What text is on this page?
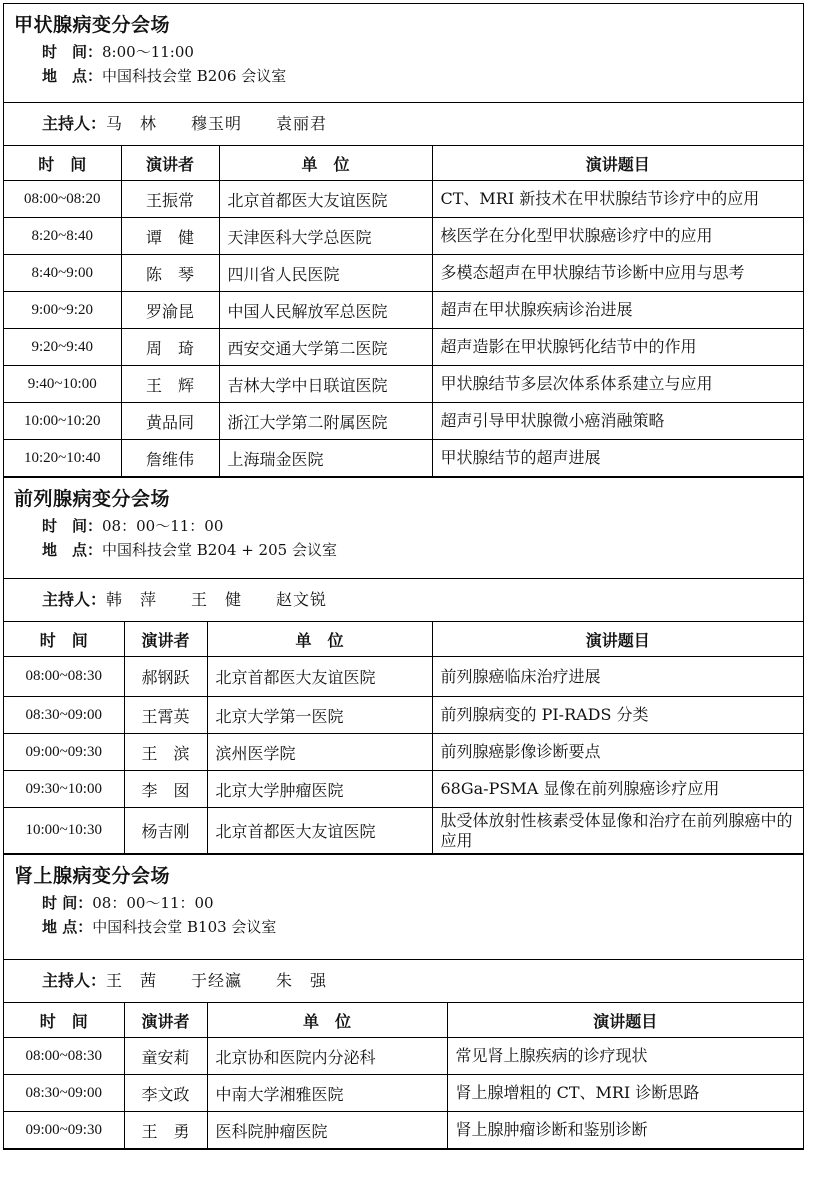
甲状腺病变分会场
时　间：8:00～11:00
地　点：中国科技会堂 B206 会议室
主持人：马　林　　穆玉明　　袁丽君
时　间	演讲者	单　位	演讲题目
08:00~08:20	王振常	北京首都医大友谊医院	CT、MRI 新技术在甲状腺结节诊疗中的应用
8:20~8:40	谭　健	天津医科大学总医院	核医学在分化型甲状腺癌诊疗中的应用
8:40~9:00	陈　琴	四川省人民医院	多模态超声在甲状腺结节诊断中应用与思考
9:00~9:20	罗渝昆	中国人民解放军总医院	超声在甲状腺疾病诊治进展
9:20~9:40	周　琦	西安交通大学第二医院	超声造影在甲状腺钙化结节中的作用
9:40~10:00	王　辉	吉林大学中日联谊医院	甲状腺结节多层次体系体系建立与应用
10:00~10:20	黄品同	浙江大学第二附属医院	超声引导甲状腺微小癌消融策略
10:20~10:40	詹维伟	上海瑞金医院	甲状腺结节的超声进展
前列腺病变分会场
时　间：08：00～11：00
地　点：中国科技会堂 B204 + 205 会议室
主持人：韩　萍　　王　健　　赵文锐
时　间	演讲者	单　位	演讲题目
08:00~08:30	郝钢跃	北京首都医大友谊医院	前列腺癌临床治疗进展
08:30~09:00	王霄英	北京大学第一医院	前列腺病变的 PI-RADS 分类
09:00~09:30	王　滨	滨州医学院	前列腺癌影像诊断要点
09:30~10:00	李　囡	北京大学肿瘤医院	68Ga-PSMA 显像在前列腺癌诊疗应用
10:00~10:30	杨吉刚	北京首都医大友谊医院	肽受体放射性核素受体显像和治疗在前列腺癌中的应用
肾上腺病变分会场
时 间：08：00～11：00
地 点：中国科技会堂 B103 会议室
主持人：王　茜　　于经瀛　　朱　强
时　间	演讲者	单　位	演讲题目
08:00~08:30	童安莉	北京协和医院内分泌科	常见肾上腺疾病的诊疗现状
08:30~09:00	李文政	中南大学湘雅医院	肾上腺增粗的 CT、MRI 诊断思路
09:00~09:30	王　勇	医科院肿瘤医院	肾上腺肿瘤诊断和鉴别诊断
